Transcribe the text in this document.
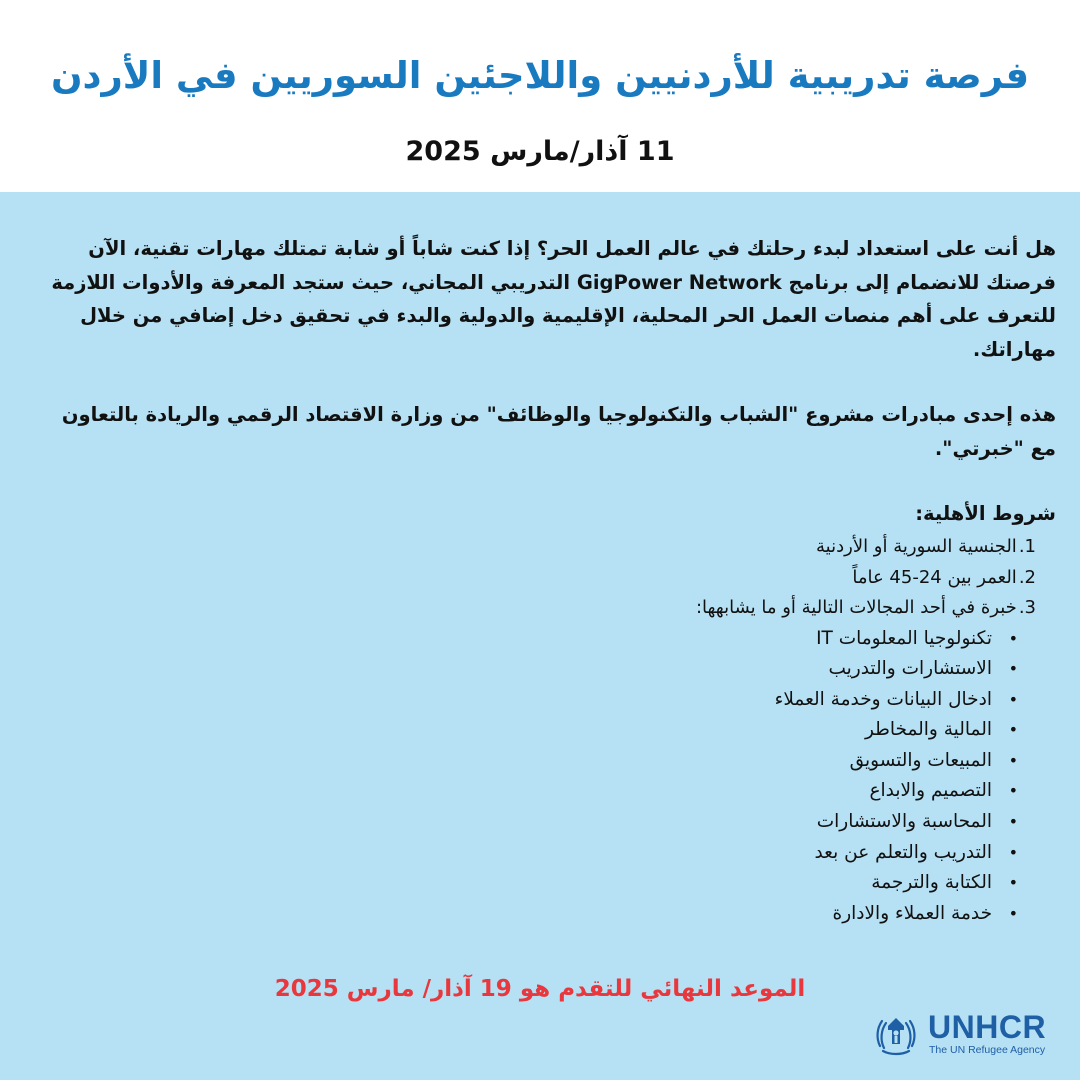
فرصة تدريبية للأردنيين واللاجئين السوريين في الأردن
11 آذار/مارس 2025

هل أنت على استعداد لبدء رحلتك في عالم العمل الحر؟ إذا كنت شاباً أو شابة تمتلك مهارات تقنية، الآن فرصتك للانضمام إلى برنامج GigPower Network التدريبي المجاني، حيث ستجد المعرفة والأدوات اللازمة للتعرف على أهم منصات العمل الحر المحلية، الإقليمية والدولية والبدء في تحقيق دخل إضافي من خلال مهاراتك.

هذه إحدى مبادرات مشروع "الشباب والتكنولوجيا والوظائف" من وزارة الاقتصاد الرقمي والريادة بالتعاون مع "خبرتي".

شروط الأهلية:
1.الجنسية السورية أو الأردنية
2.العمر بين 24-45 عاماً
3.خبرة في أحد المجالات التالية أو ما يشابهها:
•
تكنولوجيا المعلومات IT
•
الاستشارات والتدريب
•
ادخال البيانات وخدمة العملاء
•
المالية والمخاطر
•
المبيعات والتسويق
•
التصميم والابداع
•
المحاسبة والاستشارات
•
التدريب والتعلم عن بعد
•
الكتابة والترجمة
•
خدمة العملاء والادارة
الموعد النهائي للتقدم هو 19 آذار/ مارس 2025
UNHCR
The UN Refugee Agency
